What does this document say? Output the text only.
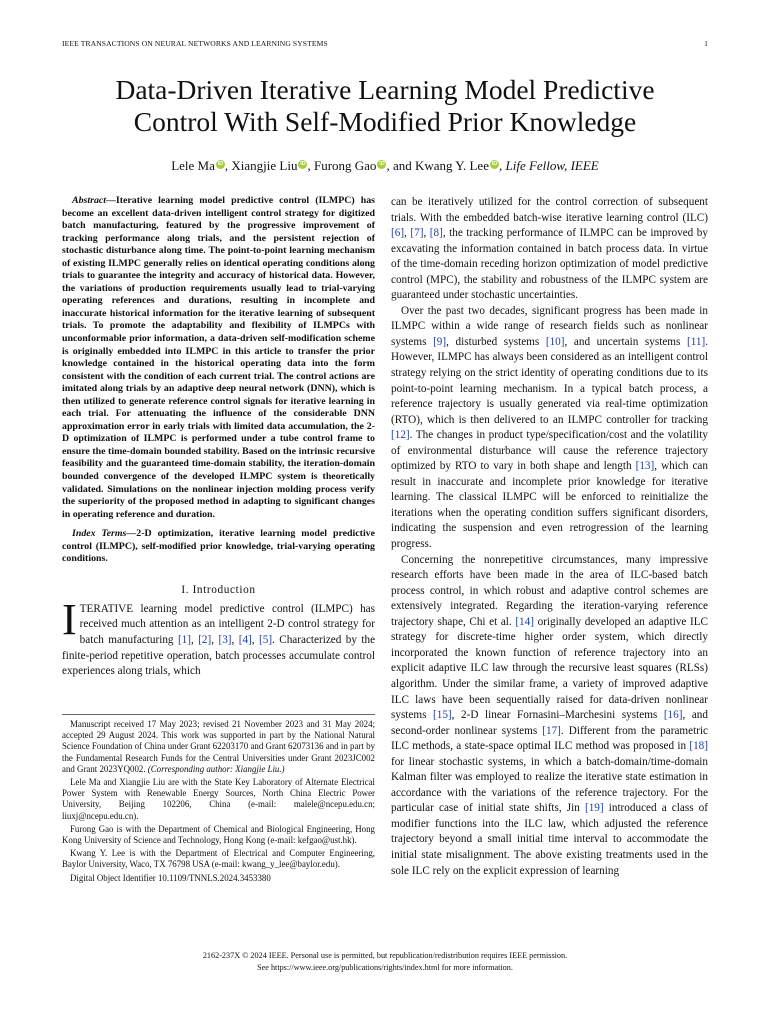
IEEE TRANSACTIONS ON NEURAL NETWORKS AND LEARNING SYSTEMS	1
Data-Driven Iterative Learning Model Predictive
Control With Self-Modified Prior Knowledge
Lele Ma iD , Xiangjie Liu iD , Furong Gao iD , and Kwang Y. Lee iD , Life Fellow, IEEE

Abstract—Iterative learning model predictive control (ILMPC) has become an excellent data-driven intelligent control strategy for digitized batch manufacturing, featured by the progressive improvement of tracking performance along trials, and the persistent rejection of stochastic disturbance along time. The point-to-point learning mechanism of existing ILMPC generally relies on identical operating conditions along trials to guarantee the integrity and accuracy of historical data. However, the variations of production requirements usually lead to trial-varying operating references and durations, resulting in incomplete and inaccurate historical information for the iterative learning of subsequent trials. To promote the adaptability and flexibility of ILMPCs with unconformable prior information, a data-driven self-modification scheme is originally embedded into ILMPC in this article to transfer the prior knowledge contained in the historical operating data into the form consistent with the condition of each current trial. The control actions are imitated along trials by an adaptive deep neural network (DNN), which is then utilized to generate reference control signals for iterative learning in each trial. For attenuating the influence of the considerable DNN approximation error in early trials with limited data accumulation, the 2-D optimization of ILMPC is performed under a tube control frame to ensure the time-domain bounded stability. Based on the intrinsic recursive feasibility and the guaranteed time-domain stability, the iteration-domain bounded convergence of the developed ILMPC system is theoretically validated. Simulations on the nonlinear injection molding process verify the superiority of the proposed method in adapting to significant changes in operating reference and duration.

Index Terms—2-D optimization, iterative learning model predictive control (ILMPC), self-modified prior knowledge, trial-varying operating conditions.

I. Introduction

ITERATIVE learning model predictive control (ILMPC) has received much attention as an intelligent 2-D control strategy for batch manufacturing [1], [2], [3], [4], [5]. Characterized by the finite-period repetitive operation, batch processes accumulate control experiences along trials, which

Manuscript received 17 May 2023; revised 21 November 2023 and 31 May 2024; accepted 29 August 2024. This work was supported in part by the National Natural Science Foundation of China under Grant 62203170 and Grant 62073136 and in part by the Fundamental Research Funds for the Central Universities under Grant 2023JC002 and Grant 2023YQ002. (Corresponding author: Xiangjie Liu.)

Lele Ma and Xiangjie Liu are with the State Key Laboratory of Alternate Electrical Power System with Renewable Energy Sources, North China Electric Power University, Beijing 102206, China (e-mail: malele@ncepu.edu.cn; liuxj@ncepu.edu.cn).

Furong Gao is with the Department of Chemical and Biological Engineering, Hong Kong University of Science and Technology, Hong Kong (e-mail: kefgao@ust.hk).

Kwang Y. Lee is with the Department of Electrical and Computer Engineering, Baylor University, Waco, TX 76798 USA (e-mail: kwang_y_lee@baylor.edu).

Digital Object Identifier 10.1109/TNNLS.2024.3453380

can be iteratively utilized for the control correction of subsequent trials. With the embedded batch-wise iterative learning control (ILC) [6], [7], [8], the tracking performance of ILMPC can be improved by excavating the information contained in batch process data. In virtue of the time-domain receding horizon optimization of model predictive control (MPC), the stability and robustness of the ILMPC system are guaranteed under stochastic uncertainties.

Over the past two decades, significant progress has been made in ILMPC within a wide range of research fields such as nonlinear systems [9], disturbed systems [10], and uncertain systems [11]. However, ILMPC has always been considered as an intelligent control strategy relying on the strict identity of operating conditions due to its point-to-point learning mechanism. In a typical batch process, a reference trajectory is usually generated via real-time optimization (RTO), which is then delivered to an ILMPC controller for tracking [12]. The changes in product type/specification/cost and the volatility of environmental disturbance will cause the reference trajectory optimized by RTO to vary in both shape and length [13], which can result in inaccurate and incomplete prior knowledge for iterative learning. The classical ILMPC will be enforced to reinitialize the iterations when the operating condition suffers significant disorders, indicating the suspension and even retrogression of the learning progress.

Concerning the nonrepetitive circumstances, many impressive research efforts have been made in the area of ILC-based batch process control, in which robust and adaptive control schemes are extensively integrated. Regarding the iteration-varying reference trajectory shape, Chi et al. [14] originally developed an adaptive ILC strategy for discrete-time higher order system, which directly incorporated the known function of reference trajectory into an explicit adaptive ILC law through the recursive least squares (RLSs) algorithm. Under the similar frame, a variety of improved adaptive ILC laws have been sequentially raised for data-driven nonlinear systems [15], 2-D linear Fornasini–Marchesini systems [16], and second-order nonlinear systems [17]. Different from the parametric ILC methods, a state-space optimal ILC method was proposed in [18] for linear stochastic systems, in which a batch-domain/time-domain Kalman filter was employed to realize the iterative state estimation in accordance with the variations of the reference trajectory. For the particular case of initial state shifts, Jin [19] introduced a class of modifier functions into the ILC law, which adjusted the reference trajectory beyond a small initial time interval to accommodate the initial state misalignment. The above existing treatments used in the sole ILC rely on the explicit expression of learning

2162-237X © 2024 IEEE. Personal use is permitted, but republication/redistribution requires IEEE permission.
See https://www.ieee.org/publications/rights/index.html for more information.
